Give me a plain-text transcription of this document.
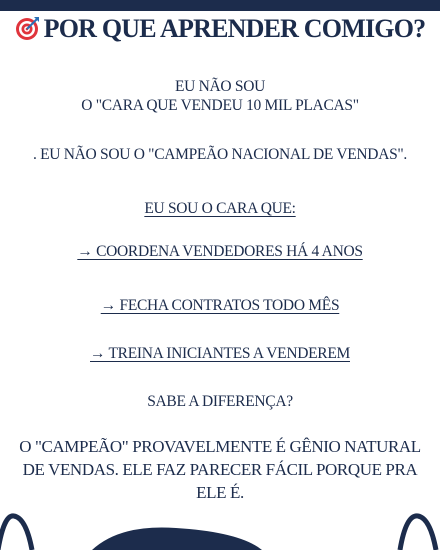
POR QUE APRENDER COMIGO?
EU NÃO SOU
O "CARA QUE VENDEU 10 MIL PLACAS"
. EU NÃO SOU O "CAMPEÃO NACIONAL DE VENDAS".
EU SOU O CARA QUE:
→ COORDENA VENDEDORES HÁ 4 ANOS
→ FECHA CONTRATOS TODO MÊS
→ TREINA INICIANTES A VENDEREM
SABE A DIFERENÇA?
O "CAMPEÃO" PROVAVELMENTE É GÊNIO NATURAL
DE VENDAS. ELE FAZ PARECER FÁCIL PORQUE PRA
ELE É.
